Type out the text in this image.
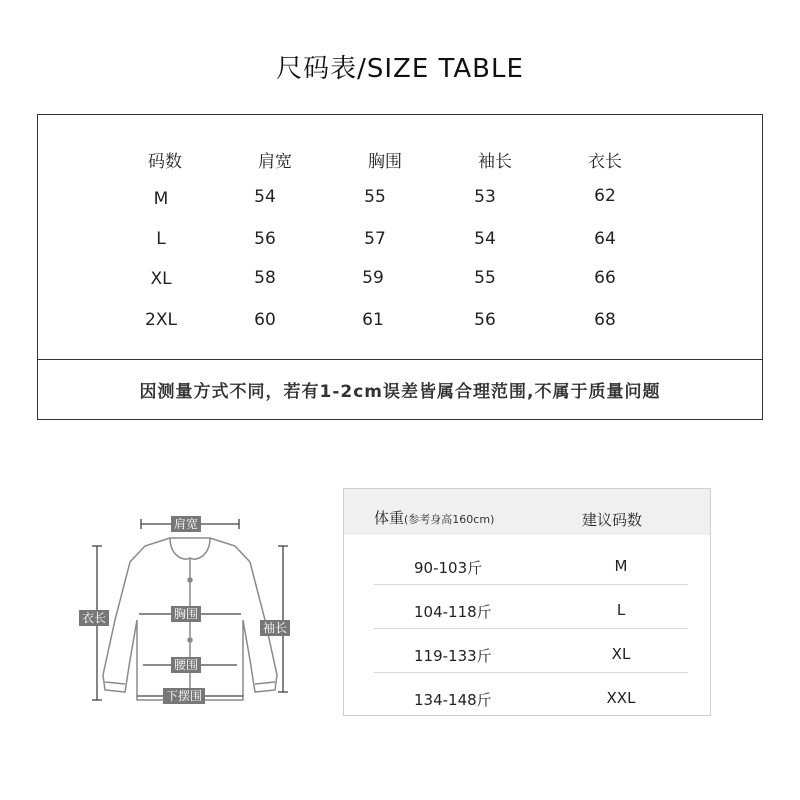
尺码表/SIZE TABLE
码数	肩宽	胸围	袖长	衣长
M	54	55	53	62
L	56	57	54	64
XL	58	59	55	66
2XL	60	61	56	68
因测量方式不同，若有1-2cm误差皆属合理范围,不属于质量问题
肩宽
胸围
腰围
下摆围
衣长
袖长
体重(参考身高160cm)	建议码数
90-103斤	M
104-118斤	L
119-133斤	XL
134-148斤	XXL
